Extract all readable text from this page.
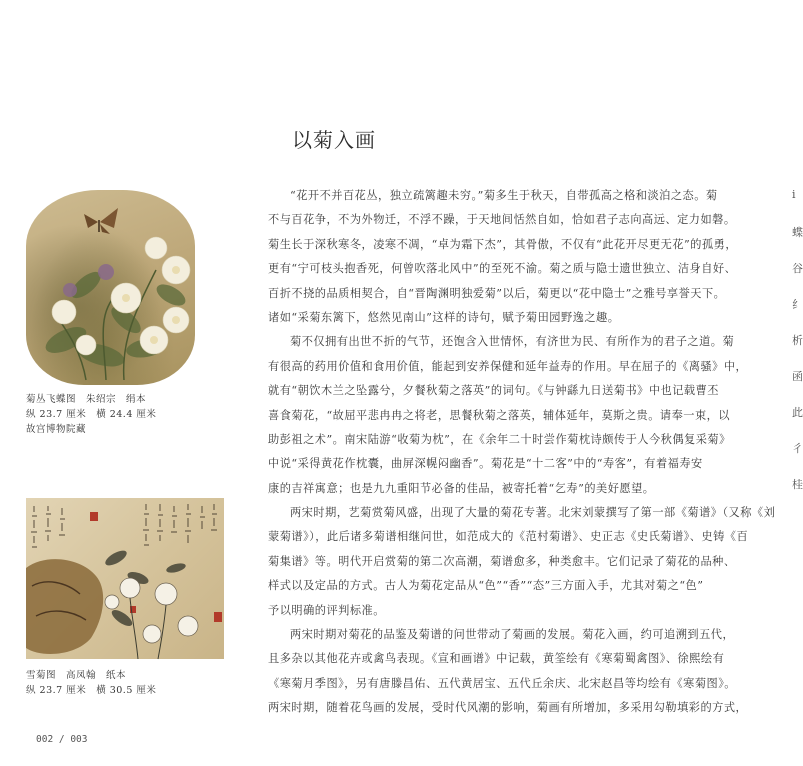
以菊入画

“花开不并百花丛，独立疏篱趣未穷。”菊多生于秋天，自带孤高之格和淡泊之态。菊
不与百花争，不为外物迁，不浮不躁，于天地间恬然自如，恰如君子志向高远、定力如磐。
菊生长于深秋寒冬，凌寒不凋，“卓为霜下杰”，其骨傲，不仅有“此花开尽更无花”的孤勇，
更有“宁可枝头抱香死，何曾吹落北风中”的至死不渝。菊之质与隐士遗世独立、洁身自好、
百折不挠的品质相契合，自“晋陶渊明独爱菊”以后，菊更以“花中隐士”之雅号享誉天下。
诸如“采菊东篱下，悠然见南山”这样的诗句，赋予菊田园野逸之趣。

菊不仅拥有出世不折的气节，还饱含入世情怀，有济世为民、有所作为的君子之道。菊
有很高的药用价值和食用价值，能起到安养保健和延年益寿的作用。早在屈子的《离骚》中，
就有“朝饮木兰之坠露兮，夕餐秋菊之落英”的词句。《与钟繇九日送菊书》中也记载曹丕
喜食菊花，“故屈平悲冉冉之将老，思餐秋菊之落英，辅体延年，莫斯之贵。请奉一束，以
助彭祖之术”。南宋陆游“收菊为枕”，在《余年二十时尝作菊枕诗颇传于人今秋偶复采菊》
中说“采得黄花作枕囊，曲屏深幌闷幽香”。菊花是“十二客”中的“寿客”，有着福寿安
康的吉祥寓意；也是九九重阳节必备的佳品，被寄托着“乞寿”的美好愿望。

两宋时期，艺菊赏菊风盛，出现了大量的菊花专著。北宋刘蒙撰写了第一部《菊谱》（又称《刘
蒙菊谱》），此后诸多菊谱相继问世，如范成大的《范村菊谱》、史正志《史氏菊谱》、史铸《百
菊集谱》等。明代开启赏菊的第二次高潮，菊谱愈多，种类愈丰。它们记录了菊花的品种、
样式以及定品的方式。古人为菊花定品从“色”“香”“态”三方面入手，尤其对菊之“色”
予以明确的评判标准。

两宋时期对菊花的品鉴及菊谱的问世带动了菊画的发展。菊花入画，约可追溯到五代，
且多杂以其他花卉或禽鸟表现。《宣和画谱》中记载，黄筌绘有《寒菊蜀禽图》、徐熙绘有
《寒菊月季图》，另有唐滕昌佑、五代黄居宝、五代丘余庆、北宋赵昌等均绘有《寒菊图》。
两宋时期，随着花鸟画的发展，受时代风潮的影响，菊画有所增加，多采用勾勒填彩的方式，

菊丛飞蝶图　朱绍宗　绢本
纵 23.7 厘米　横 24.4 厘米
故宫博物院藏
雪菊图　高凤翰　纸本
纵 23.7 厘米　横 30.5 厘米
002 / 003
i
蝶
谷
纟
析
函
此
彳
桂
